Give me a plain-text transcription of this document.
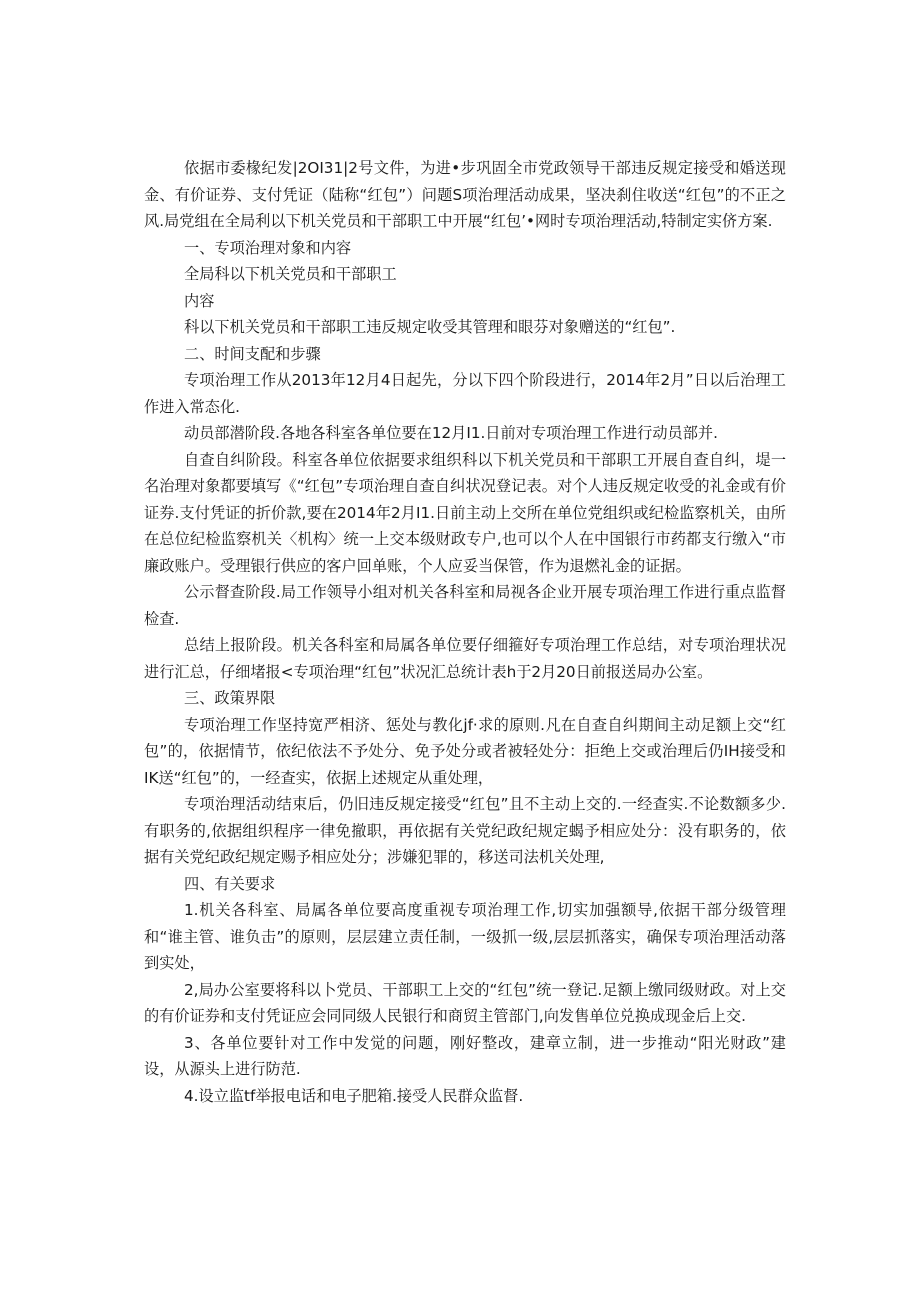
依据市委椽纪发|2OI31|2号文件，为进•步巩固全市党政领导干部违反规定接受和婚送现金、有价证券、支付凭证（陆称“红包”）问题S项治理活动成果，坚决刹住收送“红包”的不正之风.局党组在全局利以下机关党员和干部职工中开展“红包’•网时专项治理活动,特制定实侪方案.

一、专项治理对象和内容

全局科以下机关党员和干部职工

内容

科以下机关党员和干部职工违反规定收受其管理和眼芬对象赠送的“红包”.

二、时间支配和步骤

专项治理工作从2013年12月4日起先，分以下四个阶段进行，2014年2月”日以后治理工作进入常态化.

动员部潜阶段.各地各科室各单位要在12月I1.日前对专项治理工作进行动员部并.

自查自纠阶段。科室各单位依据要求组织科以下机关党员和干部职工开展自查自纠，堤一名治理对象都要填写《“红包”专项治理自查自纠状况登记表。对个人违反规定收受的礼金或有价证券.支付凭证的折价款,要在2014年2月I1.日前主动上交所在单位党组织或纪检监察机关，由所在总位纪检监察机关〈机构〉统一上交本级财政专户,也可以个人在中国银行市药都支行缴入“市廉政账户。受理银行供应的客户回单账，个人应妥当保管，作为退燃礼金的证据。

公示督查阶段.局工作领导小组对机关各科室和局视各企业开展专项治理工作进行重点监督检查.

总结上报阶段。机关各科室和局属各单位要仔细箍好专项治理工作总结，对专项治理状况进行汇总，仔细堵报<专项治理“红包”状况汇总统计表h于2月20日前报送局办公室。

三、政策界限

专项治理工作坚持宽严相济、惩处与教化jf·求的原则.凡在自查自纠期间主动足额上交“红包”的，依据情节，依纪依法不予处分、免予处分或者被轻处分：拒绝上交或治理后仍IH接受和IK送“红包”的，一经查实，依据上述规定从重处理，

专项治理活动结束后，仍旧违反规定接受“红包”且不主动上交的.一经查实.不论数额多少.有职务的,依据组织程序一律免撤职，再依据有关党纪政纪规定蝎予相应处分：没有职务的，依据有关党纪政纪规定赐予相应处分；涉嫌犯罪的，移送司法机关处理,

四、有关要求

1.机关各科室、局属各单位要高度重视专项治理工作,切实加强额导,依据干部分级管理和“谁主管、谁负击”的原则，层层建立责任制，一级抓一级,层层抓落实，确保专项治理活动落到实处，

2,局办公室要将科以卜党员、干部职工上交的“红包”统一登记.足额上缴同级财政。对上交的有价证券和支付凭证应会同同级人民银行和商贸主管部门,向发售单位兑换成现金后上交.

3、各单位要针对工作中发觉的问题，刚好整改，建章立制，进一步推动“阳光财政”建设，从源头上进行防范.

4.设立监tf举报电话和电子肥箱.接受人民群众监督.
